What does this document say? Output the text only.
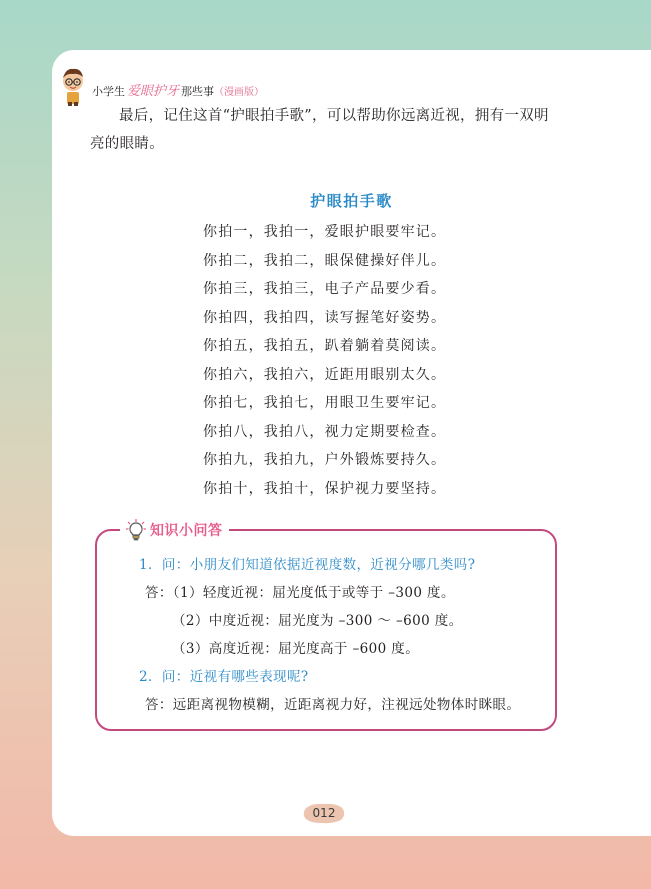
小学生 爱眼护牙 那些事（漫画版）

最后，记住这首“护眼拍手歌”，可以帮助你远离近视，拥有一双明亮的眼睛。

护眼拍手歌
你拍一，我拍一，爱眼护眼要牢记。
你拍二，我拍二，眼保健操好伴儿。
你拍三，我拍三，电子产品要少看。
你拍四，我拍四，读写握笔好姿势。
你拍五，我拍五，趴着躺着莫阅读。
你拍六，我拍六，近距用眼别太久。
你拍七，我拍七，用眼卫生要牢记。
你拍八，我拍八，视力定期要检查。
你拍九，我拍九，户外锻炼要持久。
你拍十，我拍十，保护视力要坚持。
知识小问答
1．问：小朋友们知道依据近视度数，近视分哪几类吗?
答：（1）轻度近视：屈光度低于或等于 –300 度。
（2）中度近视：屈光度为 –300 ～ –600 度。
（3）高度近视：屈光度高于 –600 度。
2．问：近视有哪些表现呢?
答：远距离视物模糊，近距离视力好，注视远处物体时眯眼。
012
